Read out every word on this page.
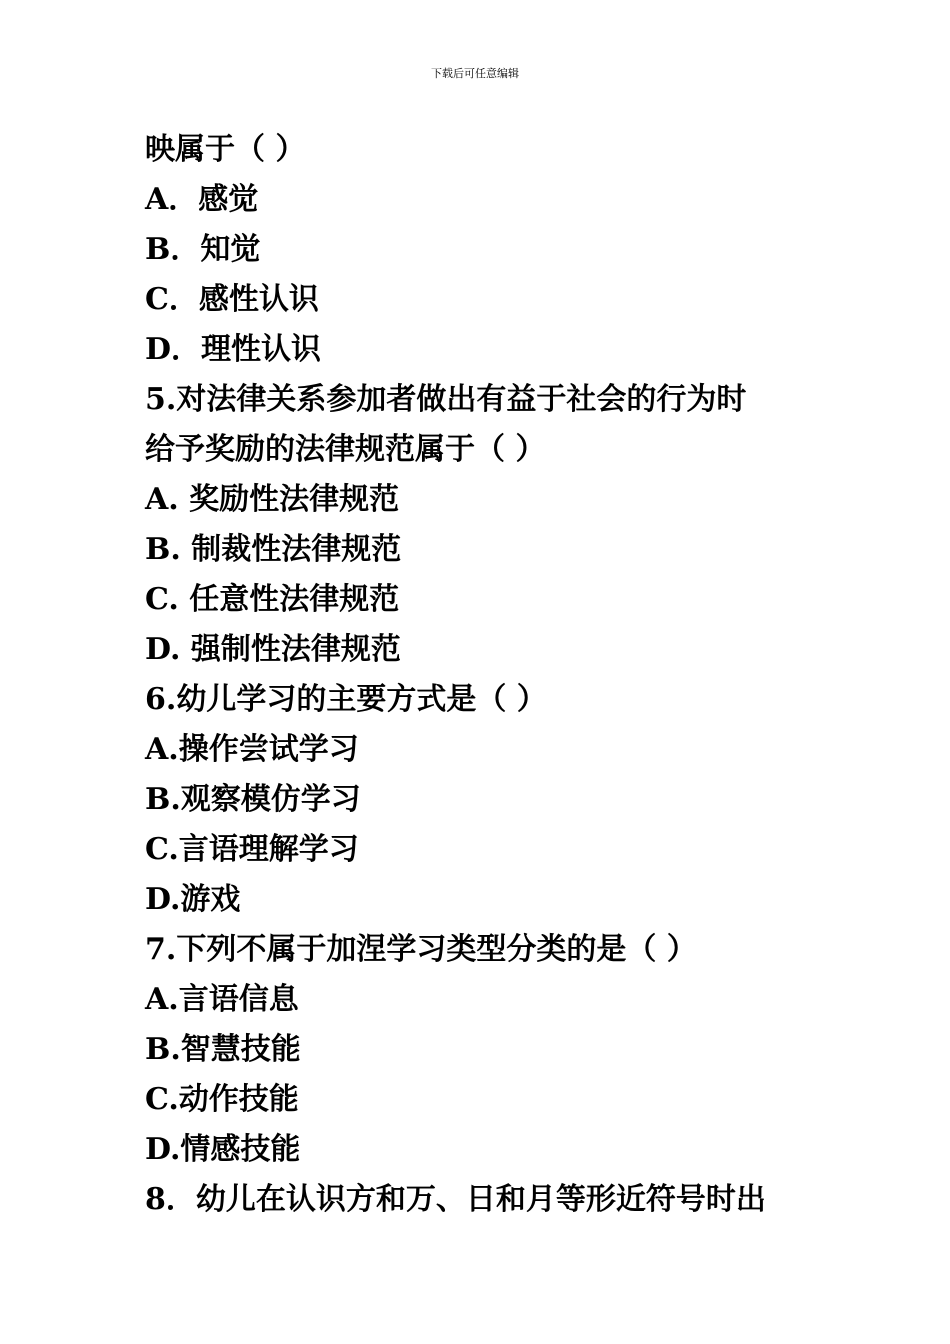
下载后可任意编辑
映属于（ ）
A．感觉
B．知觉
C．感性认识
D．理性认识
5.对法律关系参加者做出有益于社会的行为时
给予奖励的法律规范属于（ ）
A. 奖励性法律规范
B. 制裁性法律规范
C. 任意性法律规范
D. 强制性法律规范
6.幼儿学习的主要方式是（ ）
A.操作尝试学习
B.观察模仿学习
C.言语理解学习
D.游戏
7.下列不属于加涅学习类型分类的是（ ）
A.言语信息
B.智慧技能
C.动作技能
D.情感技能
8．幼儿在认识方和万、日和月等形近符号时出
